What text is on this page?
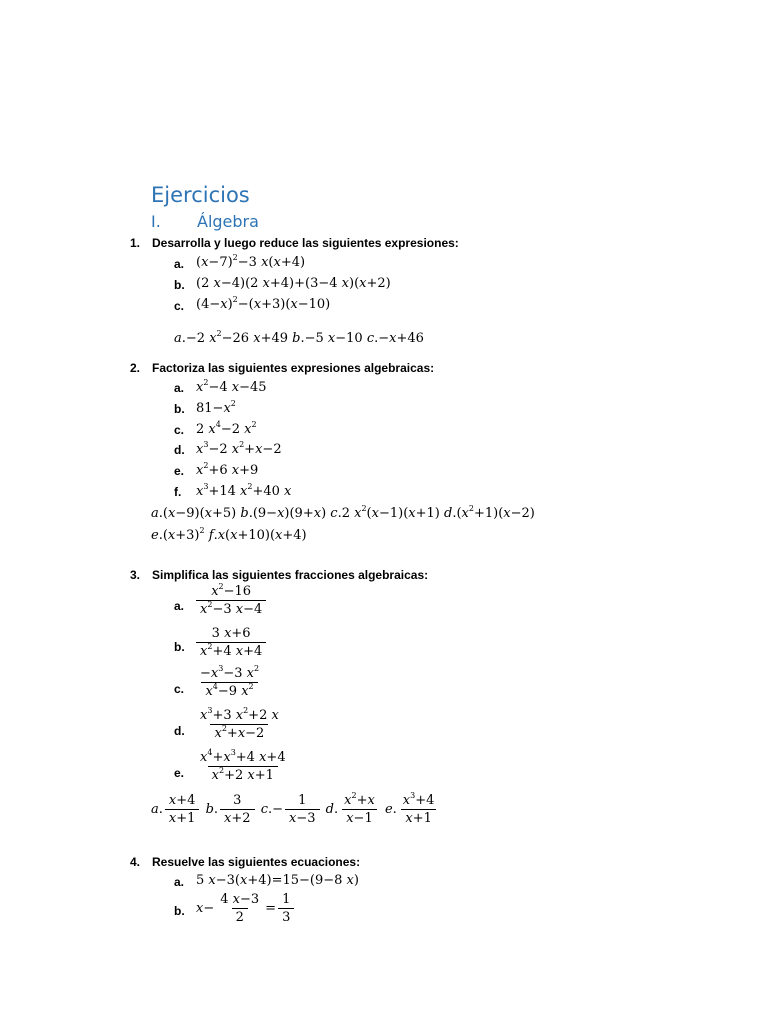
Ejercicios
I. Álgebra
1. Desarrolla y luego reduce las siguientes expresiones:
a. $(x-7)^2-3$ x(x+4)
b. (2 x−4)(2 x+4)+(3−4 x)(x+2)
c. $(4-x)^2-(x+3)(x-10)$
a.−2 $x^2-26$ x+49 b.−5 x−10 c.−x+46
2. Factoriza las siguientes expresiones algebraicas:
a. $x^2-4$ x−45
b. $81-x^2$
c. 2 $x^4-2$ $x^2$
d. $x^3-2$ $x^2+x-2$
e. $x^2+6$ x+9
f. $x^3+14$ $x^2+40$ x
a.(x−9)(x+5) b.(9−x)(9+x) c.2 $x^2(x-1)(x+1)$ $d.(x^2+1)(x-2)$
$e.(x+3)^2$ f.x(x+10)(x+4)
3. Simplifica las siguientes fracciones algebraicas:
a. $\frac{x^2-16}{x^2-3 x-4}$
b. $\frac{3 x+6}{x^2+4 x+4}$
c. $\frac{-x^3-3 x^2}{x^4-9 x^2}$
d. $\frac{x^3+3 x^2+2 x}{x^2+x-2}$
e. $\frac{x^4+x^3+4 x+4}{x^2+2 x+1}$
a. $\frac{x+4}{x+1} b$. $\frac{3}{x+2} c.- \frac{1}{x-3} d$. $\frac{x^2+x}{x-1} e$. $\frac{x^3+4}{x+1}$
4. Resuelve las siguientes ecuaciones:
a. 5 x−3(x+4)=15−(9−8 x)
b. $x- \frac{4 x-3}{2} = \frac{1}{3}$
